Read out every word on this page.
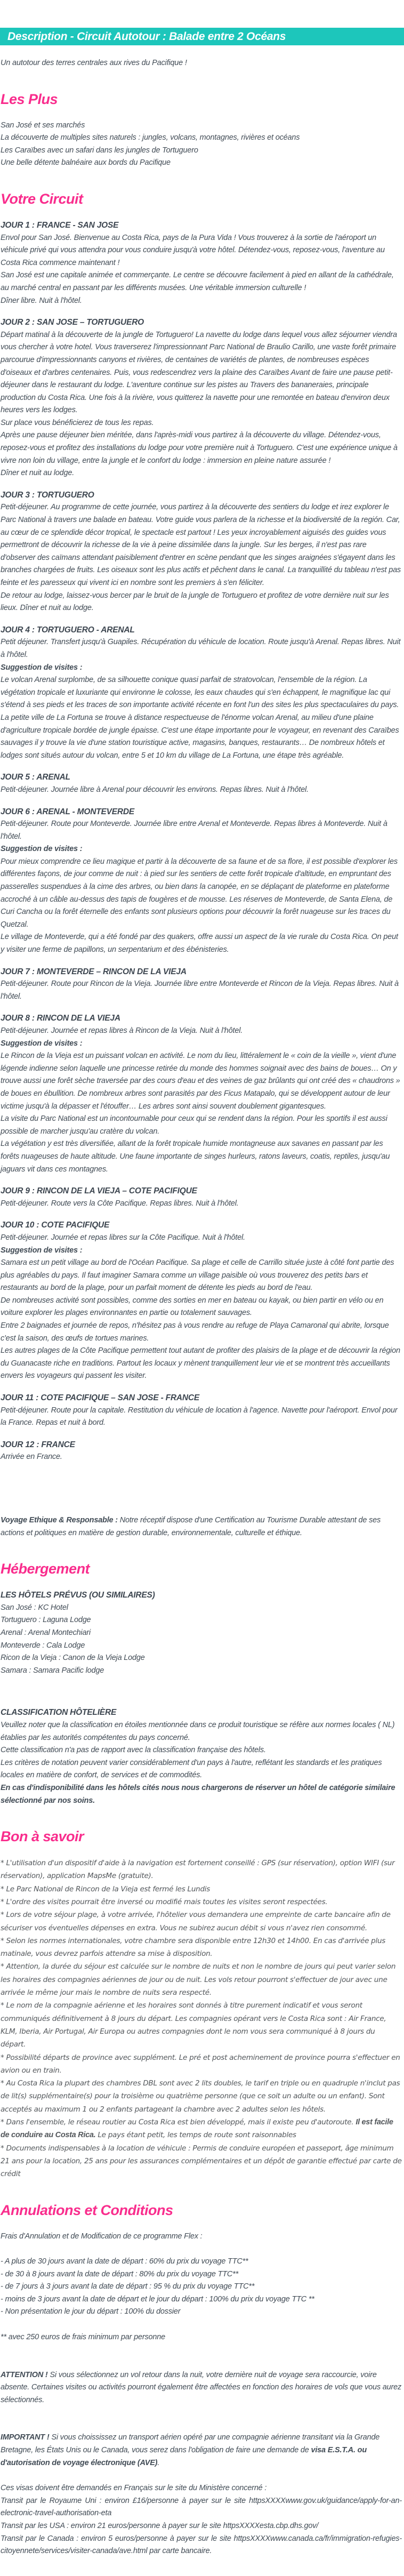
Description - Circuit Autotour : Balade entre 2 Océans

Un autotour des terres centrales aux rives du Pacifique !

Les Plus

San José et ses marchés

La découverte de multiples sites naturels : jungles, volcans, montagnes, rivières et océans

Les Caraïbes avec un safari dans les jungles de Tortuguero

Une belle détente balnéaire aux bords du Pacifique

Votre Circuit

JOUR 1 : FRANCE - SAN JOSE

Envol pour San José. Bienvenue au Costa Rica, pays de la Pura Vida ! Vous trouverez à la sortie de l'aéroport un véhicule privé qui vous attendra pour vous conduire jusqu'à votre hôtel. Détendez-vous, reposez-vous, l'aventure au Costa Rica commence maintenant !

San José est une capitale animée et commerçante. Le centre se découvre facilement à pied en allant de la cathédrale, au marché central en passant par les différents musées. Une véritable immersion culturelle !

Dîner libre. Nuit à l'hôtel.

JOUR 2 : SAN JOSE – TORTUGUERO

Départ matinal à la découverte de la jungle de Tortuguero! La navette du lodge dans lequel vous allez séjourner viendra vous chercher à votre hotel. Vous traverserez l'impressionnant Parc National de Braulio Carillo, une vaste forêt primaire parcourue d'impressionnants canyons et rivières, de centaines de variétés de plantes, de nombreuses espèces d'oiseaux et d'arbres centenaires. Puis, vous redescendrez vers la plaine des Caraïbes Avant de faire une pause petit-déjeuner dans le restaurant du lodge. L'aventure continue sur les pistes au Travers des bananeraies, principale production du Costa Rica. Une fois à la rivière, vous quitterez la navette pour une remontée en bateau d'environ deux heures vers les lodges.

Sur place vous bénéficierez de tous les repas.

Après une pause déjeuner bien méritée, dans l'après-midi vous partirez à la découverte du village. Détendez-vous, reposez-vous et profitez des installations du lodge pour votre première nuit à Tortuguero. C'est une expérience unique à vivre non loin du village, entre la jungle et le confort du lodge : immersion en pleine nature assurée !

Dîner et nuit au lodge.

JOUR 3 : TORTUGUERO

Petit-déjeuner. Au programme de cette journée, vous partirez à la découverte des sentiers du lodge et irez explorer le Parc National à travers une balade en bateau. Votre guide vous parlera de la richesse et la biodiversité de la región. Car, au cœur de ce splendide décor tropical, le spectacle est partout ! Les yeux incroyablement aiguisés des guides vous permettront de découvrir la richesse de la vie à peine dissimilée dans la jungle. Sur les berges, il n'est pas rare d'observer des caïmans attendant paisiblement d'entrer en scène pendant que les singes araignées s'égayent dans les branches chargées de fruits. Les oiseaux sont les plus actifs et pêchent dans le canal. La tranquillité du tableau n'est pas feinte et les paresseux qui vivent ici en nombre sont les premiers à s'en féliciter.

De retour au lodge, laissez-vous bercer par le bruit de la jungle de Tortuguero et profitez de votre dernière nuit sur les lieux. Dîner et nuit au lodge.

JOUR 4 : TORTUGUERO - ARENAL

Petit déjeuner. Transfert jusqu'à Guapiles. Récupération du véhicule de location. Route jusqu'à Arenal. Repas libres. Nuit à l'hôtel.

Suggestion de visites :

Le volcan Arenal surplombe, de sa silhouette conique quasi parfait de stratovolcan, l'ensemble de la région. La végétation tropicale et luxuriante qui environne le colosse, les eaux chaudes qui s'en échappent, le magnifique lac qui s'étend à ses pieds et les traces de son importante activité récente en font l'un des sites les plus spectaculaires du pays. La petite ville de La Fortuna se trouve à distance respectueuse de l'énorme volcan Arenal, au milieu d'une plaine d'agriculture tropicale bordée de jungle épaisse. C'est une étape importante pour le voyageur, en revenant des Caraïbes sauvages il y trouve la vie d'une station touristique active, magasins, banques, restaurants… De nombreux hôtels et lodges sont situés autour du volcan, entre 5 et 10 km du village de La Fortuna, une étape très agréable.

JOUR 5 : ARENAL

Petit-déjeuner. Journée libre à Arenal pour découvrir les environs. Repas libres. Nuit à l'hôtel.

JOUR 6 : ARENAL - MONTEVERDE

Petit-déjeuner. Route pour Monteverde. Journée libre entre Arenal et Monteverde. Repas libres à Monteverde. Nuit à l'hôtel.

Suggestion de visites :

Pour mieux comprendre ce lieu magique et partir à la découverte de sa faune et de sa flore, il est possible d'explorer les différentes façons, de jour comme de nuit : à pied sur les sentiers de cette forêt tropicale d'altitude, en empruntant des passerelles suspendues à la cime des arbres, ou bien dans la canopée, en se déplaçant de plateforme en plateforme accroché à un câble au-dessus des tapis de fougères et de mousse. Les réserves de Monteverde, de Santa Elena, de Curi Cancha ou la forêt éternelle des enfants sont plusieurs options pour découvrir la forêt nuageuse sur les traces du Quetzal.

Le village de Monteverde, qui a été fondé par des quakers, offre aussi un aspect de la vie rurale du Costa Rica. On peut y visiter une ferme de papillons, un serpentarium et des ébénisteries.

JOUR 7 : MONTEVERDE – RINCON DE LA VIEJA

Petit-déjeuner. Route pour Rincon de la Vieja. Journée libre entre Monteverde et Rincon de la Vieja. Repas libres. Nuit à l'hôtel.

JOUR 8 : RINCON DE LA VIEJA

Petit-déjeuner. Journée et repas libres à Rincon de la Vieja. Nuit à l'hôtel.

Suggestion de visites :

Le Rincon de la Vieja est un puissant volcan en activité. Le nom du lieu, littéralement le « coin de la vieille », vient d'une légende indienne selon laquelle une princesse retirée du monde des hommes soignait avec des bains de boues… On y trouve aussi une forêt sèche traversée par des cours d'eau et des veines de gaz brûlants qui ont créé des « chaudrons » de boues en ébullition. De nombreux arbres sont parasités par des Ficus Matapalo, qui se développent autour de leur victime jusqu'à la dépasser et l'étouffer… Les arbres sont ainsi souvent doublement gigantesques.

La visite du Parc National est un incontournable pour ceux qui se rendent dans la région. Pour les sportifs il est aussi possible de marcher jusqu'au cratère du volcan.

La végétation y est très diversifiée, allant de la forêt tropicale humide montagneuse aux savanes en passant par les forêts nuageuses de haute altitude. Une faune importante de singes hurleurs, ratons laveurs, coatis, reptiles, jusqu'au jaguars vit dans ces montagnes.

JOUR 9 : RINCON DE LA VIEJA – COTE PACIFIQUE

Petit-déjeuner. Route vers la Côte Pacifique. Repas libres. Nuit à l'hôtel.

JOUR 10 : COTE PACIFIQUE

Petit-déjeuner. Journée et repas libres sur la Côte Pacifique. Nuit à l'hôtel.

Suggestion de visites :

Samara est un petit village au bord de l'Océan Pacifique. Sa plage et celle de Carrillo située juste à côté font partie des plus agréables du pays. Il faut imaginer Samara comme un village paisible où vous trouverez des petits bars et restaurants au bord de la plage, pour un parfait moment de détente les pieds au bord de l'eau.

De nombreuses activité sont possibles, comme des sorties en mer en bateau ou kayak, ou bien partir en vélo ou en voiture explorer les plages environnantes en partie ou totalement sauvages.

Entre 2 baignades et journée de repos, n'hésitez pas à vous rendre au refuge de Playa Camaronal qui abrite, lorsque c'est la saison, des œufs de tortues marines.

Les autres plages de la Côte Pacifique permettent tout autant de profiter des plaisirs de la plage et de découvrir la région du Guanacaste riche en traditions. Partout les locaux y mènent tranquillement leur vie et se montrent très accueillants envers les voyageurs qui passent les visiter.

JOUR 11 : COTE PACIFIQUE – SAN JOSE - FRANCE

Petit-déjeuner. Route pour la capitale. Restitution du véhicule de location à l'agence. Navette pour l'aéroport. Envol pour la France. Repas et nuit à bord.

JOUR 12 : FRANCE

Arrivée en France.

Voyage Ethique & Responsable : Notre réceptif dispose d'une Certification au Tourisme Durable attestant de ses actions et politiques en matière de gestion durable, environnementale, culturelle et éthique.

Hébergement

LES HÔTELS PRÉVUS (OU SIMILAIRES)

San José : KC Hotel

Tortuguero : Laguna Lodge

Arenal : Arenal Montechiari

Monteverde : Cala Lodge

Ricon de la Vieja : Canon de la Vieja Lodge

Samara : Samara Pacific lodge

CLASSIFICATION HÔTELIÈRE

Veuillez noter que la classification en étoiles mentionnée dans ce produit touristique se réfère aux normes locales ( NL) établies par les autorités compétentes du pays concerné.

Cette classification n'a pas de rapport avec la classification française des hôtels.

Les critères de notation peuvent varier considérablement d'un pays à l'autre, reflétant les standards et les pratiques locales en matière de confort, de services et de commodités.

En cas d'indisponibilité dans les hôtels cités nous nous chargerons de réserver un hôtel de catégorie similaire sélectionné par nos soins.

Bon à savoir

* L'utilisation d'un dispositif d'aide à la navigation est fortement conseillé : GPS (sur réservation), option WIFI (sur réservation), application MapsMe (gratuite).

* Le Parc National de Rincon de la Vieja est fermé les Lundis

* L'ordre des visites pourrait être inversé ou modifié mais toutes les visites seront respectées.

* Lors de votre séjour plage, à votre arrivée, l'hôtelier vous demandera une empreinte de carte bancaire afin de sécuriser vos éventuelles dépenses en extra. Vous ne subirez aucun débit si vous n'avez rien consommé.

* Selon les normes internationales, votre chambre sera disponible entre 12h30 et 14h00. En cas d'arrivée plus matinale, vous devrez parfois attendre sa mise à disposition.

* Attention, la durée du séjour est calculée sur le nombre de nuits et non le nombre de jours qui peut varier selon les horaires des compagnies aériennes de jour ou de nuit. Les vols retour pourront s'effectuer de jour avec une arrivée le même jour mais le nombre de nuits sera respecté.

* Le nom de la compagnie aérienne et les horaires sont donnés à titre purement indicatif et vous seront communiqués définitivement à 8 jours du départ. Les compagnies opérant vers le Costa Rica sont : Air France, KLM, Iberia, Air Portugal, Air Europa ou autres compagnies dont le nom vous sera communiqué à 8 jours du départ.

* Possibilité départs de province avec supplément. Le pré et post acheminement de province pourra s'effectuer en avion ou en train.

* Au Costa Rica la plupart des chambres DBL sont avec 2 lits doubles, le tarif en triple ou en quadruple n'inclut pas de lit(s) supplémentaire(s) pour la troisième ou quatrième personne (que ce soit un adulte ou un enfant). Sont acceptés au maximum 1 ou 2 enfants partageant la chambre avec 2 adultes selon les hôtels.

* Dans l'ensemble, le réseau routier au Costa Rica est bien développé, mais il existe peu d'autoroute. Il est facile de conduire au Costa Rica. Le pays étant petit, les temps de route sont raisonnables

* Documents indispensables à la location de véhicule : Permis de conduire européen et passeport, âge minimum 21 ans pour la location, 25 ans pour les assurances complémentaires et un dépôt de garantie effectué par carte de crédit

Annulations et Conditions

Frais d'Annulation et de Modification de ce programme Flex :

- A plus de 30 jours avant la date de départ : 60% du prix du voyage TTC**

- de 30 à 8 jours avant la date de départ : 80% du prix du voyage TTC**

- de 7 jours à 3 jours avant la date de départ : 95 % du prix du voyage TTC**

- moins de 3 jours avant la date de départ et le jour du départ : 100% du prix du voyage TTC **

- Non présentation le jour du départ : 100% du dossier

** avec 250 euros de frais minimum par personne

ATTENTION ! Si vous sélectionnez un vol retour dans la nuit, votre dernière nuit de voyage sera raccourcie, voire absente. Certaines visites ou activités pourront également être affectées en fonction des horaires de vols que vous aurez sélectionnés.

IMPORTANT ! Si vous choississez un transport aérien opéré par une compagnie aérienne transitant via la Grande Bretagne, les États Unis ou le Canada, vous serez dans l'obligation de faire une demande de visa E.S.T.A. ou d'autorisation de voyage électronique (AVE).

Ces visas doivent être demandés en Français sur le site du Ministère concerné :

Transit par le Royaume Uni : environ £16/personne à payer sur le site httpsXXXXwww.gov.uk/guidance/apply-for-an-electronic-travel-authorisation-eta

Transit par les USA : environ 21 euros/personne à payer sur le site httpsXXXXesta.cbp.dhs.gov/

Transit par le Canada : environ 5 euros/personne à payer sur le site httpsXXXXwww.canada.ca/fr/immigration-refugies-citoyennete/services/visiter-canada/ave.html par carte bancaire.
